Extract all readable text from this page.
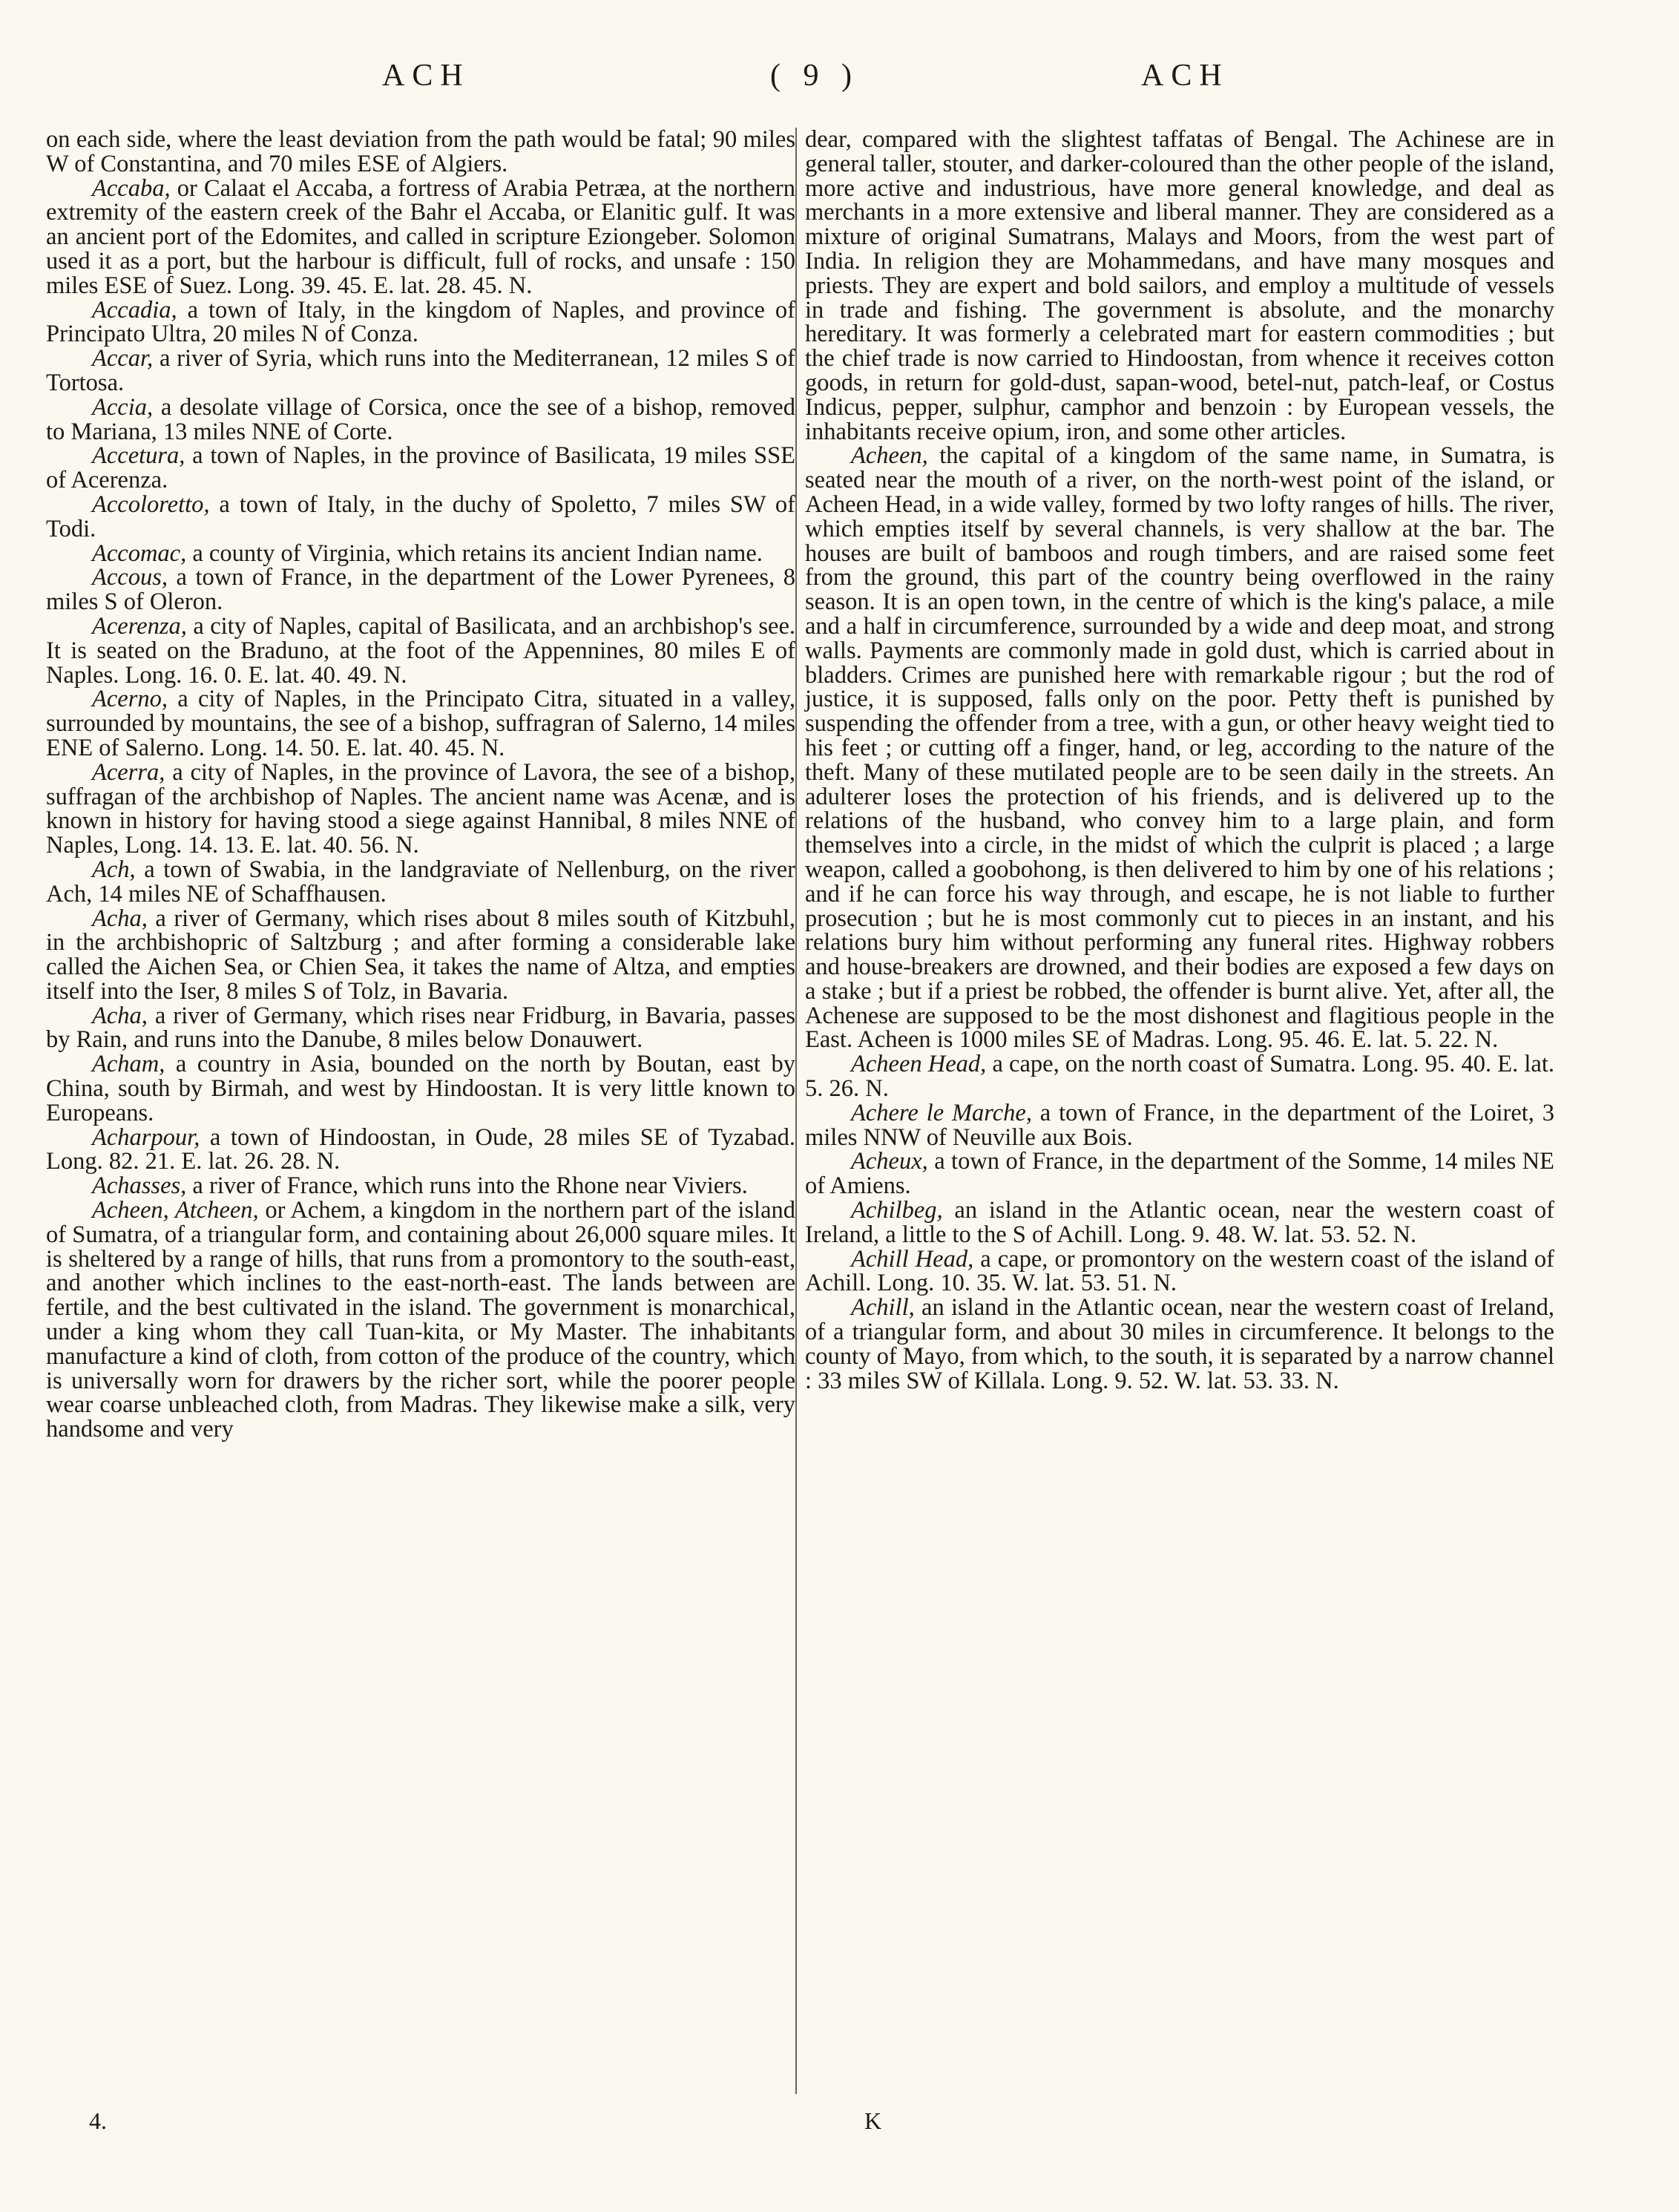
ACH	( 9 )	ACH

on each side, where the least deviation from the path would be fatal; 90 miles W of Constantina, and 70 miles ESE of Algiers.

Accaba, or Calaat el Accaba, a fortress of Arabia Petræa, at the northern extremity of the eastern creek of the Bahr el Accaba, or Elanitic gulf. It was an ancient port of the Edomites, and called in scripture Eziongeber. Solomon used it as a port, but the harbour is difficult, full of rocks, and unsafe : 150 miles ESE of Suez. Long. 39. 45. E. lat. 28. 45. N.

Accadia, a town of Italy, in the kingdom of Naples, and province of Principato Ultra, 20 miles N of Conza.

Accar, a river of Syria, which runs into the Mediterranean, 12 miles S of Tortosa.

Accia, a desolate village of Corsica, once the see of a bishop, removed to Mariana, 13 miles NNE of Corte.

Accetura, a town of Naples, in the province of Basilicata, 19 miles SSE of Acerenza.

Accoloretto, a town of Italy, in the duchy of Spoletto, 7 miles SW of Todi.

Accomac, a county of Virginia, which retains its ancient Indian name.

Accous, a town of France, in the department of the Lower Pyrenees, 8 miles S of Oleron.

Acerenza, a city of Naples, capital of Basilicata, and an archbishop's see. It is seated on the Braduno, at the foot of the Appennines, 80 miles E of Naples. Long. 16. 0. E. lat. 40. 49. N.

Acerno, a city of Naples, in the Principato Citra, situated in a valley, surrounded by mountains, the see of a bishop, suffragran of Salerno, 14 miles ENE of Salerno. Long. 14. 50. E. lat. 40. 45. N.

Acerra, a city of Naples, in the province of Lavora, the see of a bishop, suffragan of the archbishop of Naples. The ancient name was Acenæ, and is known in history for having stood a siege against Hannibal, 8 miles NNE of Naples, Long. 14. 13. E. lat. 40. 56. N.

Ach, a town of Swabia, in the landgraviate of Nellenburg, on the river Ach, 14 miles NE of Schaffhausen.

Acha, a river of Germany, which rises about 8 miles south of Kitzbuhl, in the archbishopric of Saltzburg ; and after forming a considerable lake called the Aichen Sea, or Chien Sea, it takes the name of Altza, and empties itself into the Iser, 8 miles S of Tolz, in Bavaria.

Acha, a river of Germany, which rises near Fridburg, in Bavaria, passes by Rain, and runs into the Danube, 8 miles below Donauwert.

Acham, a country in Asia, bounded on the north by Boutan, east by China, south by Birmah, and west by Hindoostan. It is very little known to Europeans.

Acharpour, a town of Hindoostan, in Oude, 28 miles SE of Tyzabad. Long. 82. 21. E. lat. 26. 28. N.

Achasses, a river of France, which runs into the Rhone near Viviers.

Acheen, Atcheen, or Achem, a kingdom in the northern part of the island of Sumatra, of a triangular form, and containing about 26,000 square miles. It is sheltered by a range of hills, that runs from a promontory to the south-east, and another which inclines to the east-north-east. The lands between are fertile, and the best cultivated in the island. The government is monarchical, under a king whom they call Tuan-kita, or My Master. The inhabitants manufacture a kind of cloth, from cotton of the produce of the country, which is universally worn for drawers by the richer sort, while the poorer people wear coarse unbleached cloth, from Madras. They likewise make a silk, very handsome and very

dear, compared with the slightest taffatas of Bengal. The Achinese are in general taller, stouter, and darker-coloured than the other people of the island, more active and industrious, have more general knowledge, and deal as merchants in a more extensive and liberal manner. They are considered as a mixture of original Sumatrans, Malays and Moors, from the west part of India. In religion they are Mohammedans, and have many mosques and priests. They are expert and bold sailors, and employ a multitude of vessels in trade and fishing. The government is absolute, and the monarchy hereditary. It was formerly a celebrated mart for eastern commodities ; but the chief trade is now carried to Hindoostan, from whence it receives cotton goods, in return for gold-dust, sapan-wood, betel-nut, patch-leaf, or Costus Indicus, pepper, sulphur, camphor and benzoin : by European vessels, the inhabitants receive opium, iron, and some other articles.

Acheen, the capital of a kingdom of the same name, in Sumatra, is seated near the mouth of a river, on the north-west point of the island, or Acheen Head, in a wide valley, formed by two lofty ranges of hills. The river, which empties itself by several channels, is very shallow at the bar. The houses are built of bamboos and rough timbers, and are raised some feet from the ground, this part of the country being overflowed in the rainy season. It is an open town, in the centre of which is the king's palace, a mile and a half in circumference, surrounded by a wide and deep moat, and strong walls. Payments are commonly made in gold dust, which is carried about in bladders. Crimes are punished here with remarkable rigour ; but the rod of justice, it is supposed, falls only on the poor. Petty theft is punished by suspending the offender from a tree, with a gun, or other heavy weight tied to his feet ; or cutting off a finger, hand, or leg, according to the nature of the theft. Many of these mutilated people are to be seen daily in the streets. An adulterer loses the protection of his friends, and is delivered up to the relations of the husband, who convey him to a large plain, and form themselves into a circle, in the midst of which the culprit is placed ; a large weapon, called a goobohong, is then delivered to him by one of his relations ; and if he can force his way through, and escape, he is not liable to further prosecution ; but he is most commonly cut to pieces in an instant, and his relations bury him without performing any funeral rites. Highway robbers and house-breakers are drowned, and their bodies are exposed a few days on a stake ; but if a priest be robbed, the offender is burnt alive. Yet, after all, the Achenese are supposed to be the most dishonest and flagitious people in the East. Acheen is 1000 miles SE of Madras. Long. 95. 46. E. lat. 5. 22. N.

Acheen Head, a cape, on the north coast of Sumatra. Long. 95. 40. E. lat. 5. 26. N.

Achere le Marche, a town of France, in the department of the Loiret, 3 miles NNW of Neuville aux Bois.

Acheux, a town of France, in the department of the Somme, 14 miles NE of Amiens.

Achilbeg, an island in the Atlantic ocean, near the western coast of Ireland, a little to the S of Achill. Long. 9. 48. W. lat. 53. 52. N.

Achill Head, a cape, or promontory on the western coast of the island of Achill. Long. 10. 35. W. lat. 53. 51. N.

Achill, an island in the Atlantic ocean, near the western coast of Ireland, of a triangular form, and about 30 miles in circumference. It belongs to the county of Mayo, from which, to the south, it is separated by a narrow channel : 33 miles SW of Killala. Long. 9. 52. W. lat. 53. 33. N.

4.	K
